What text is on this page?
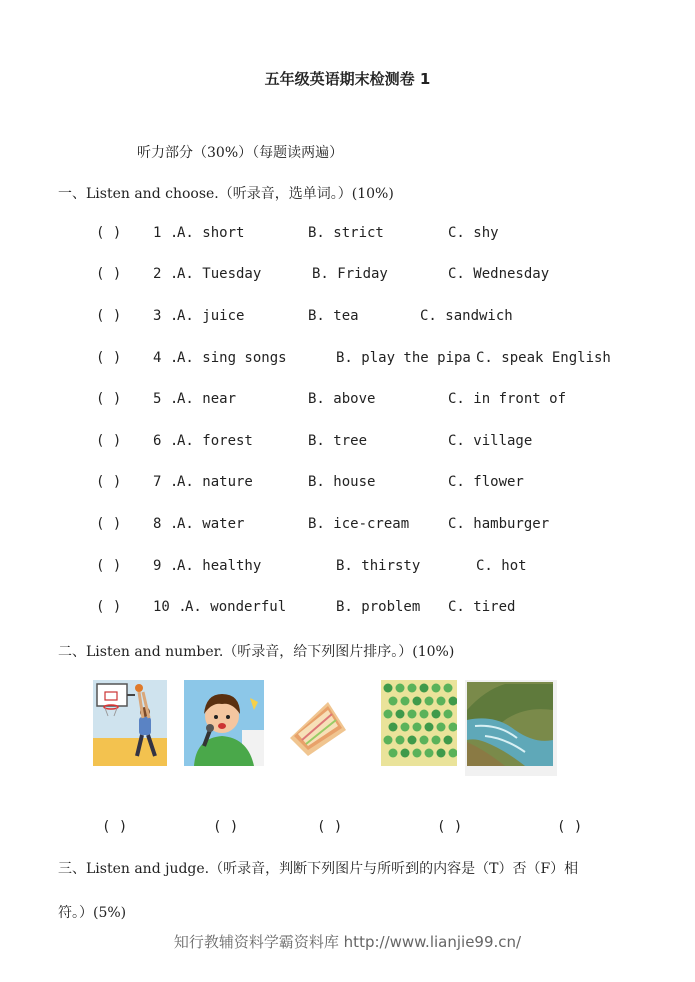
五年级英语期末检测卷 1
听力部分（30%）（每题读两遍）
一、Listen and choose.（听录音，选单词。）(10%)
( ) 1 .
A. short	B. strict	C. shy
( ) 2 .
A. Tuesday	B. Friday	C. Wednesday
( ) 3 .
A. juice	B. tea	C. sandwich
( ) 4 .
A. sing songs	B. play the pipa C. speak English
( ) 5 .
A. near	B. above	C. in front of
( ) 6 .
A. forest	B. tree	C. village
( ) 7 .
A. nature	B. house	C. flower
( ) 8 .
A. water	B. ice-cream	C. hamburger
( ) 9 .
A. healthy	B. thirsty	C. hot
( ) 10 .
A. wonderful	B. problem C. tired
二、Listen and number.（听录音，给下列图片排序。）(10%)
( )	( )	( )	( )	( )
三、Listen and judge.（听录音，判断下列图片与所听到的内容是（T）否（F）相
符。）(5%)
知行教辅资料学霸资料库 http://www.lianjie99.cn/
